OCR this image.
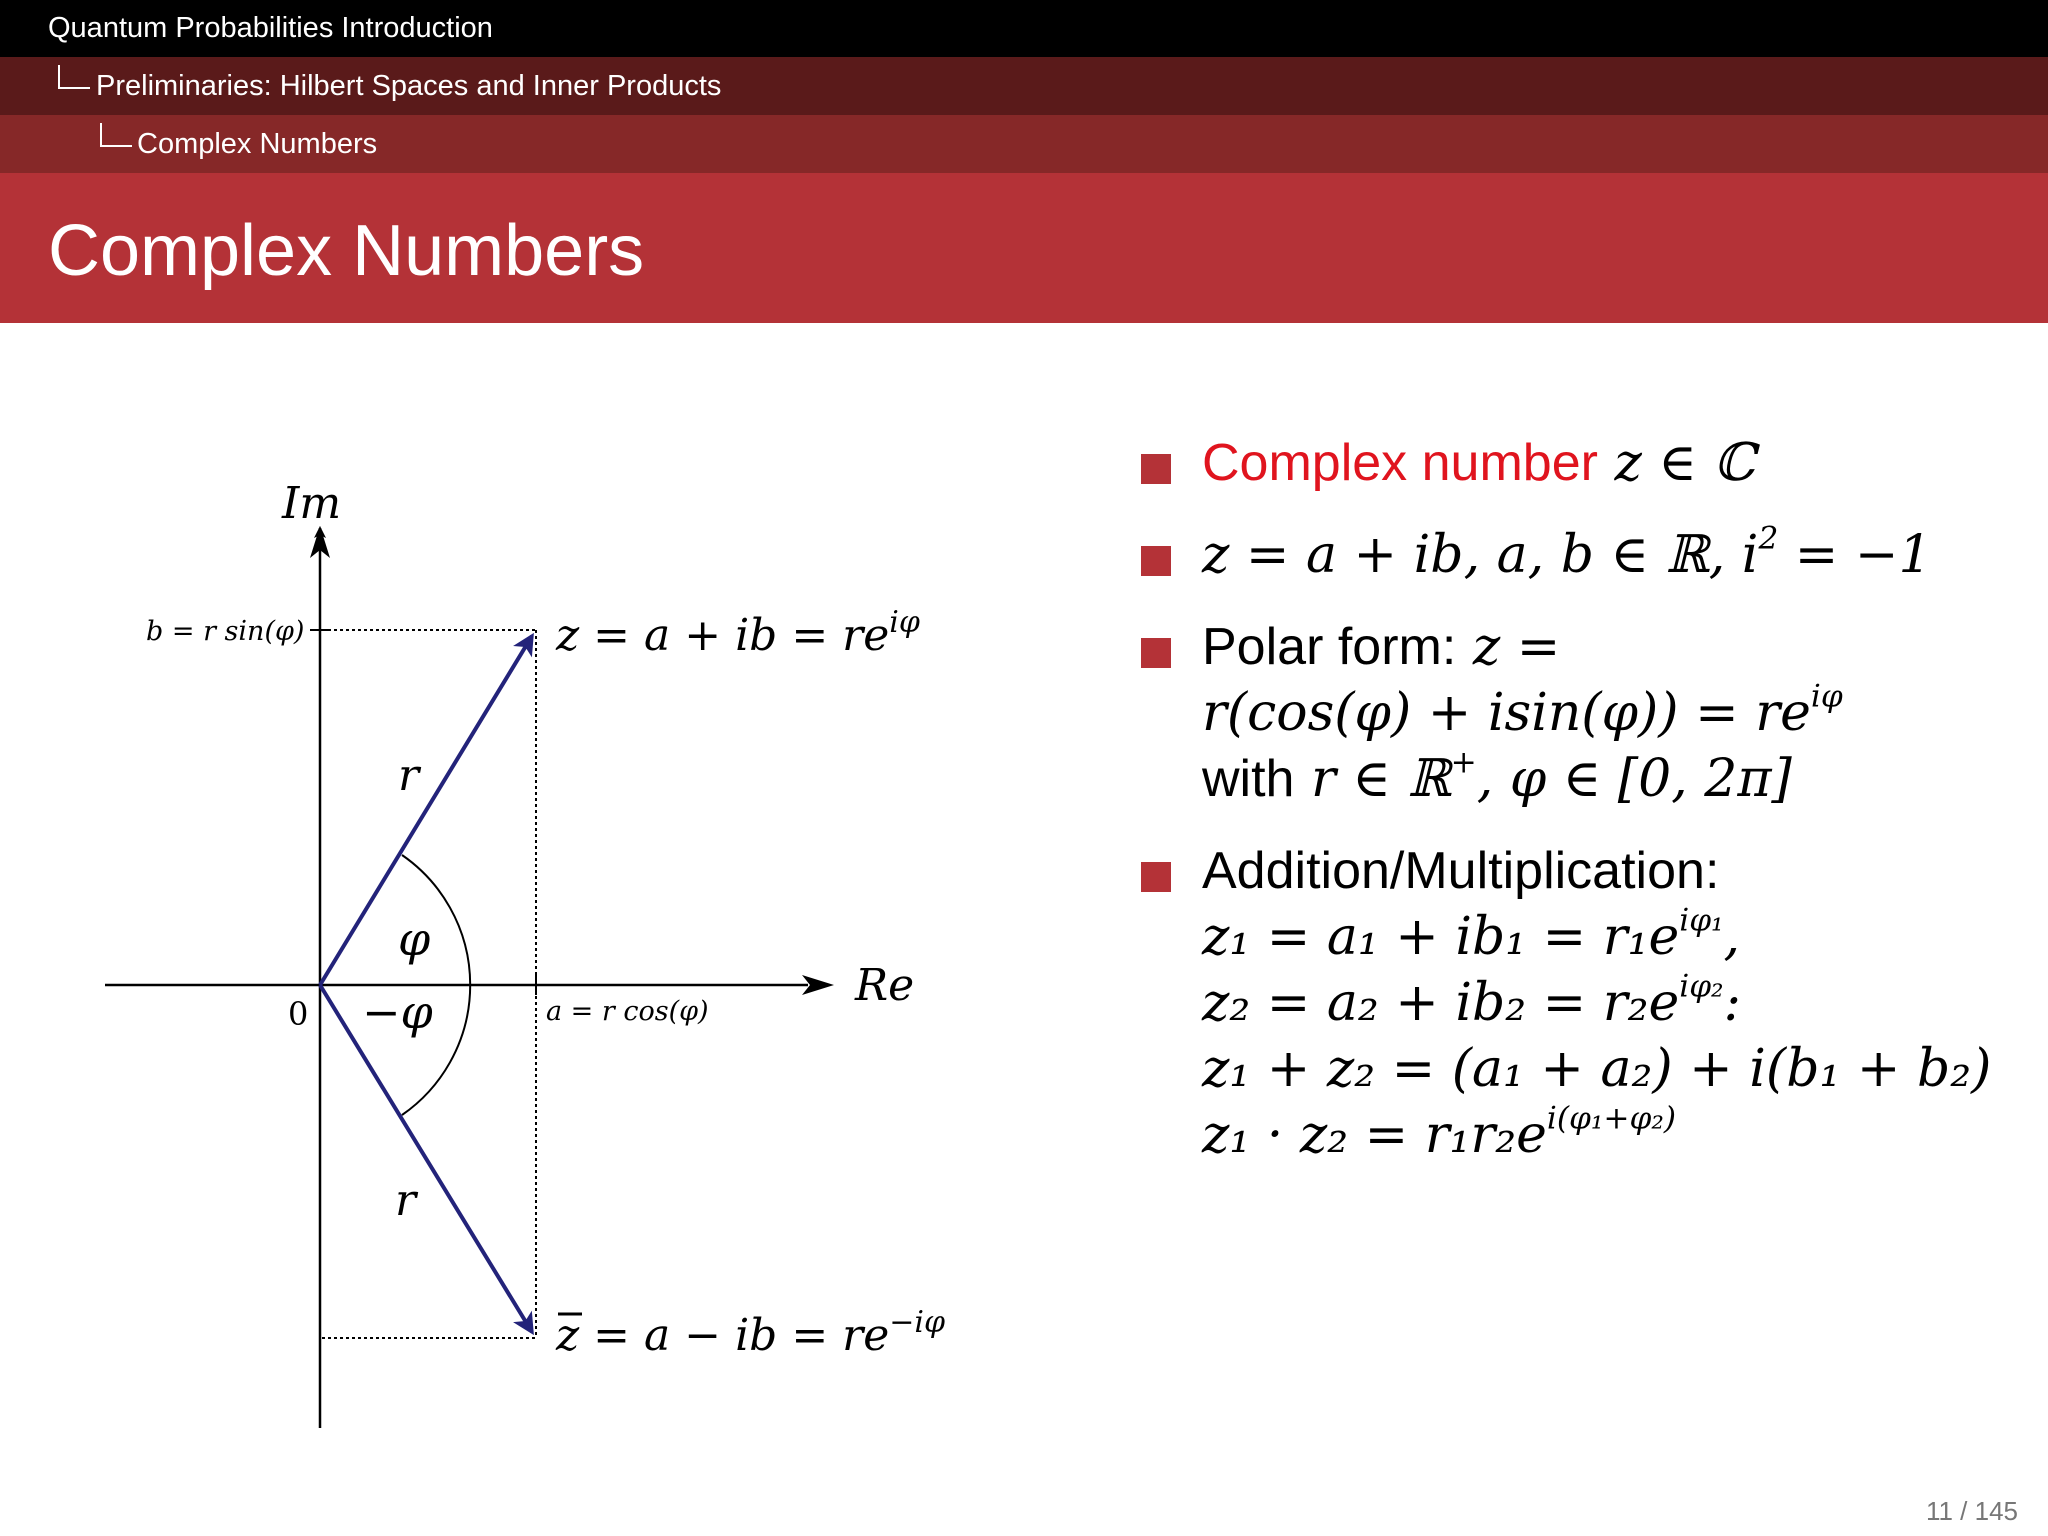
Quantum Probabilities Introduction
Preliminaries: Hilbert Spaces and Inner Products
Complex Numbers
Complex Numbers
Im
Re
0
b = r sin(φ)
a = r cos(φ)
z = a + ib = $re^{i\varphi}$
z = a − ib = $re^{-i\varphi}$
r
r
φ
−φ
Complex number z ∈ ℂ
z = a + ib, a, b ∈ ℝ, $i^2 = -1$
Polar form: z =
$r(\cos(\varphi) + isin(\varphi)) = re^{i\varphi}$
with r ∈ ℝ+, φ ∈ [0, 2π]
Addition/Multiplication:
$z_1 = a_1 + ib_1 = r_1e^{i\varphi_1}$,
$z_2 = a_2 + ib_2 = r_2e^{i\varphi_2}$:
z₁ + z₂ = (a₁ + a₂) + i(b₁ + b₂)
$z_1 \cdot z_2 = r_1r_2e^{i(\varphi_1+\varphi_2)}$
11 / 145
